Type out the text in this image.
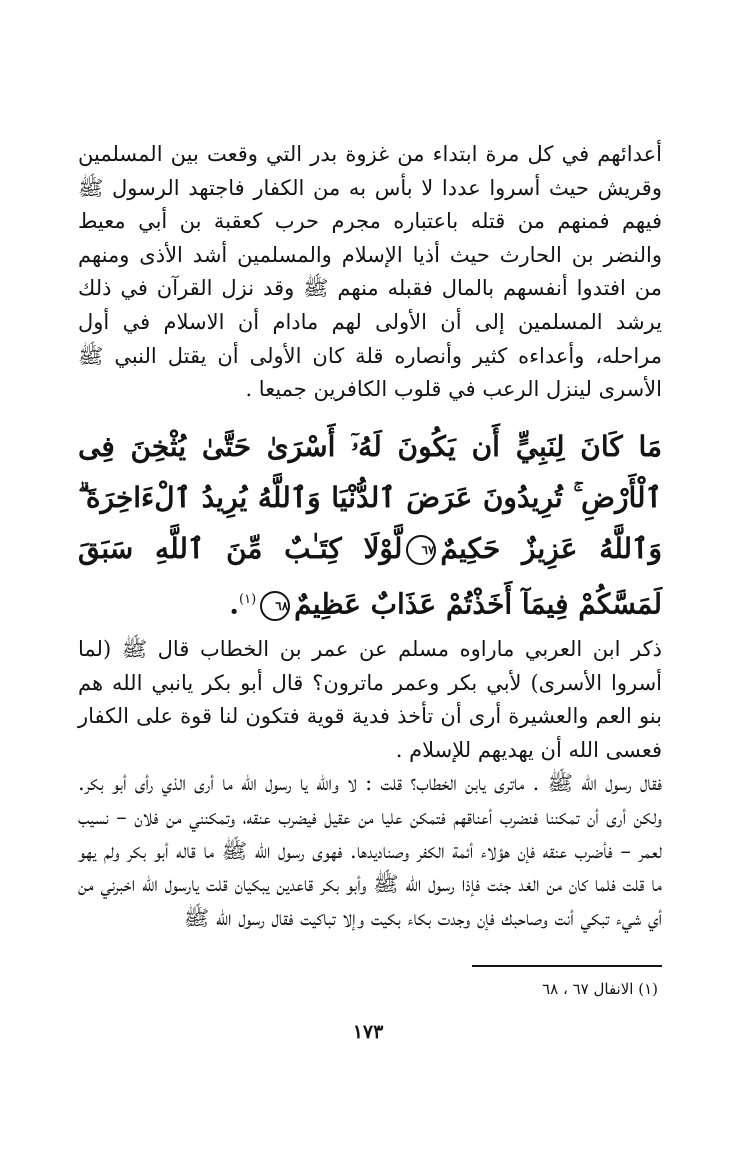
أعدائهم في كل مرة ابتداء من غزوة بدر التي وقعت بين المسلمين وقريش حيث أسروا عددا لا بأس به من الكفار فاجتهد الرسول ﷺ فيهم فمنهم من قتله باعتباره مجرم حرب كعقبة بن أبي معيط والنضر بن الحارث حيث أذيا الإسلام والمسلمين أشد الأذى ومنهم من افتدوا أنفسهم بالمال فقبله منهم ﷺ وقد نزل القرآن في ذلك يرشد المسلمين إلى أن الأولى لهم مادام أن الاسلام في أول مراحله، وأعداءه كثير وأنصاره قلة كان الأولى أن يقتل النبي ﷺ الأسرى لينزل الرعب في قلوب الكافرين جميعا .

مَا كَانَ لِنَبِيٍّ أَن يَكُونَ لَهُۥٓ أَسْرَىٰ حَتَّىٰ يُثْخِنَ فِى ٱلْأَرْضِ ۚ تُرِيدُونَ عَرَضَ ٱلدُّنْيَا وَٱللَّهُ يُرِيدُ ٱلْءَاخِرَةَ ۗ وَٱللَّهُ عَزِيزٌ حَكِيمٌ٦٧لَّوْلَا كِتَـٰبٌ مِّنَ ٱللَّهِ سَبَقَ لَمَسَّكُمْ فِيمَآ أَخَذْتُمْ عَذَابٌ عَظِيمٌ٦٨$^{(١)}$.

ذكر ابن العربي ماراوه مسلم عن عمر بن الخطاب قال ﷺ (لما أسروا الأسرى) لأبي بكر وعمر ماترون؟ قال أبو بكر يانبي الله هم بنو العم والعشيرة أرى أن تأخذ فدية قوية فتكون لنا قوة على الكفار فعسى الله أن يهديهم للإسلام .

فقال رسول الله ﷺ . ماترى يابن الخطاب؟ قلت : لا والله يا رسول الله ما أرى الذي رأى أبو بكر. ولكن أرى أن تمكننا فنضرب أعناقهم فتمكن عليا من عقيل فيضرب عنقه، وتمكنني من فلان – نسيب لعمر – فأضرب عنقه فإن هؤلاء أئمة الكفر وصناديدها. فهوى رسول الله ﷺ ما قاله أبو بكر ولم يهو ما قلت فلما كان من الغد جئت فإذا رسول الله ﷺ وأبو بكر قاعدين يبكيان قلت يارسول الله اخبرني من أي شيء تبكي أنت وصاحبك فإن وجدت بكاء بكيت وإلا تباكيت فقال رسول الله ﷺ

(١) الانفال ٦٧ ، ٦٨
١٧٣
